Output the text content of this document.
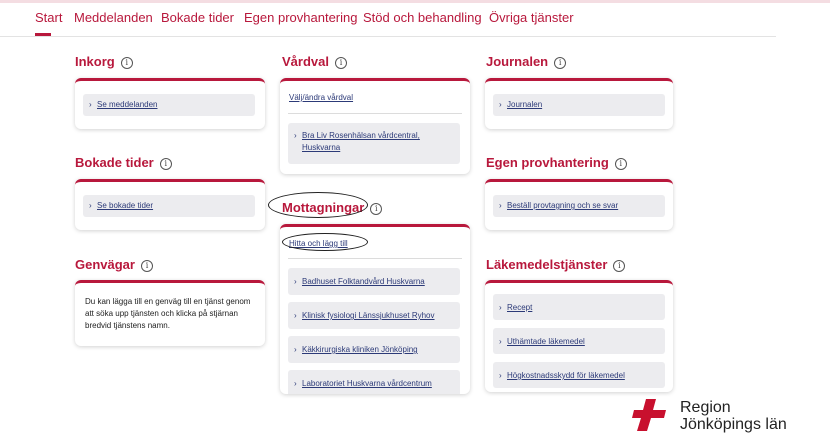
Start Meddelanden Bokade tider Egen provhantering Stöd och behandling Övriga tjänster
Inkorg i
› Se meddelanden
Bokade tider i
› Se bokade tider
Genvägar i
Du kan lägga till en genväg till en tjänst genom att söka upp tjänsten och klicka på stjärnan bredvid tjänstens namn.
Vårdval i
Välj/ändra vårdval
› Bra Liv Rosenhälsan vårdcentral, Huskvarna
Mottagningar i
Hitta och lägg till
› Badhuset Folktandvård Huskvarna
› Klinisk fysiologi Länssjukhuset Ryhov
› Käkkirurgiska kliniken Jönköping
› Laboratoriet Huskvarna vårdcentrum
Journalen i
› Journalen
Egen provhantering i
› Beställ provtagning och se svar
Läkemedelstjänster i
› Recept
› Uthämtade läkemedel
› Högkostnadsskydd för läkemedel
Region
Jönköpings län
